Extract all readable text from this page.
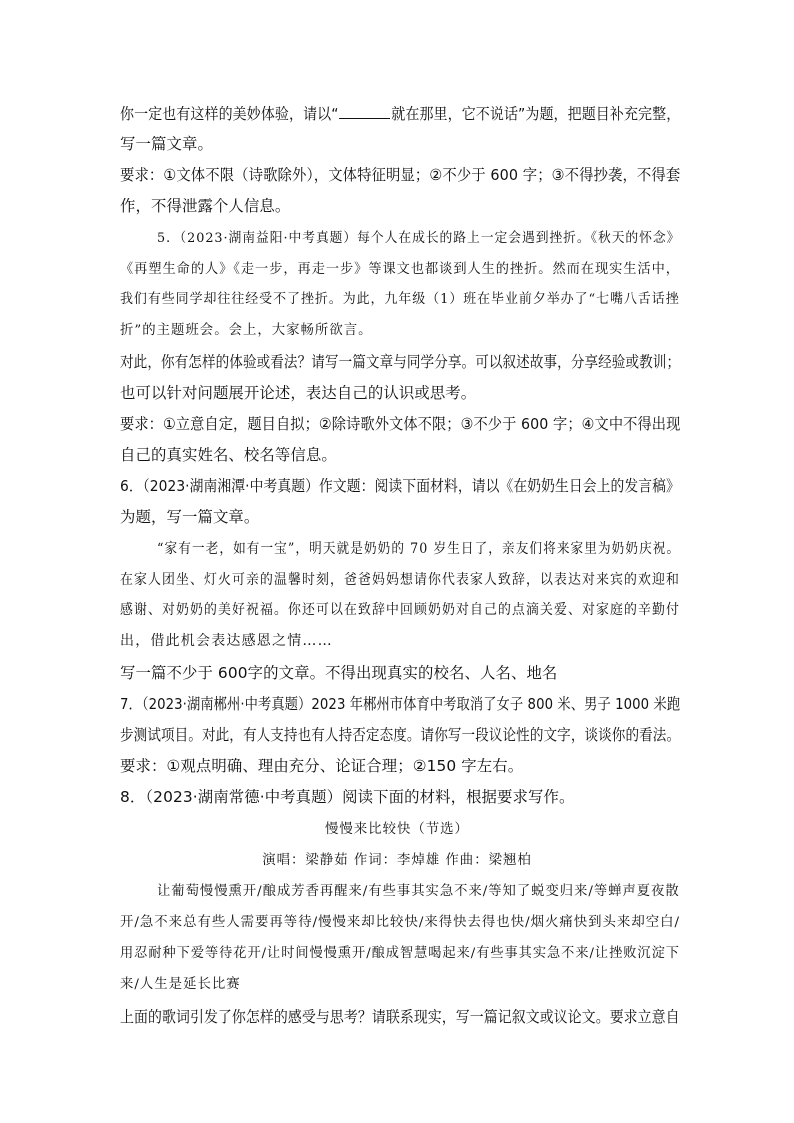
你一定也有这样的美妙体验，请以“	就在那里，它不说话”为题，把题目补充完整，
写一篇文章。
要求：①文体不限（诗歌除外），文体特征明显；②不少于 600 字；③不得抄袭，不得套
作，不得泄露个人信息。
5．（2023·湖南益阳·中考真题）每个人在成长的路上一定会遇到挫折。《秋天的怀念》
《再塑生命的人》《走一步，再走一步》等课文也都谈到人生的挫折。然而在现实生活中，
我们有些同学却往往经受不了挫折。为此，九年级（1）班在毕业前夕举办了“七嘴八舌话挫
折”的主题班会。会上，大家畅所欲言。
对此，你有怎样的体验或看法？请写一篇文章与同学分享。可以叙述故事，分享经验或教训；
也可以针对问题展开论述，表达自己的认识或思考。
要求：①立意自定，题目自拟；②除诗歌外文体不限；③不少于 600 字；④文中不得出现
自己的真实姓名、校名等信息。
6．（2023·湖南湘潭·中考真题）作文题：阅读下面材料，请以《在奶奶生日会上的发言稿》
为题，写一篇文章。
“家有一老，如有一宝”，明天就是奶奶的 70 岁生日了，亲友们将来家里为奶奶庆祝。
在家人团坐、灯火可亲的温馨时刻，爸爸妈妈想请你代表家人致辞，以表达对来宾的欢迎和
感谢、对奶奶的美好祝福。你还可以在致辞中回顾奶奶对自己的点滴关爱、对家庭的辛勤付
出，借此机会表达感恩之情……
写一篇不少于 600字的文章。不得出现真实的校名、人名、地名
7．（2023·湖南郴州·中考真题）2023 年郴州市体育中考取消了女子 800 米、男子 1000 米跑
步测试项目。对此，有人支持也有人持否定态度。请你写一段议论性的文字，谈谈你的看法。
要求：①观点明确、理由充分、论证合理；②150 字左右。
8．（2023·湖南常德·中考真题）阅读下面的材料，根据要求写作。
慢慢来比较快（节选）
演唱：梁静茹 作词：李焯雄 作曲：梁翘柏
让葡萄慢慢熏开/酿成芳香再醒来/有些事其实急不来/等知了蜕变归来/等蝉声夏夜散
开/急不来总有些人需要再等待/慢慢来却比较快/来得快去得也快/烟火痛快到头来却空白/
用忍耐种下爱等待花开/让时间慢慢熏开/酿成智慧喝起来/有些事其实急不来/让挫败沉淀下
来/人生是延长比赛
上面的歌词引发了你怎样的感受与思考？请联系现实，写一篇记叙文或议论文。要求立意自
